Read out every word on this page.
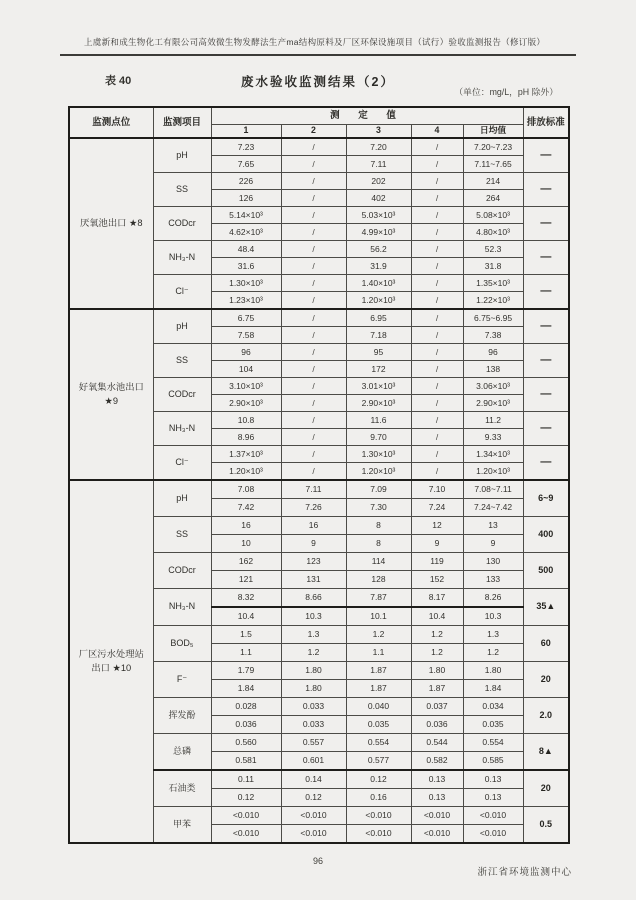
上虞新和成生物化工有限公司高效微生物发酵法生产ma结构原料及厂区环保设施项目（试行）验收监测报告（修订版）
表 40	废水验收监测结果（2）
（单位：mg/L，pH 除外）
监测点位	监测项目	测 定 值					排放标准
		1	2	3	4	日均值	
厌氧池出口 ★8	pH	7.23	/	7.20	/	7.20~7.23	—
		7.65	/	7.11	/	7.11~7.65	
	SS	226	/	202	/	214	—
		126	/	402	/	264	
	CODcr	5.14×10³	/	5.03×10³	/	5.08×10³	—
		4.62×10³	/	4.99×10³	/	4.80×10³	
	NH₃-N	48.4	/	56.2	/	52.3	—
		31.6	/	31.9	/	31.8	
	Cl⁻	1.30×10³	/	1.40×10³	/	1.35×10³	—
		1.23×10³	/	1.20×10³	/	1.22×10³	
好氧集水池出口 ★9	pH	6.75	/	6.95	/	6.75~6.95	—
		7.58	/	7.18	/	7.38	
	SS	96	/	95	/	96	—
		104	/	172	/	138	
	CODcr	3.10×10³	/	3.01×10³	/	3.06×10³	—
		2.90×10³	/	2.90×10³	/	2.90×10³	
	NH₃-N	10.8	/	11.6	/	11.2	—
		8.96	/	9.70	/	9.33	
	Cl⁻	1.37×10³	/	1.30×10³	/	1.34×10³	—
		1.20×10³	/	1.20×10³	/	1.20×10³	
厂区污水处理站出口 ★10	pH	7.08	7.11	7.09	7.10	7.08~7.11	6~9
		7.42	7.26	7.30	7.24	7.24~7.42	
	SS	16	16	8	12	13	400
		10	9	8	9	9	
	CODcr	162	123	114	119	130	500
		121	131	128	152	133	
	NH₃-N	8.32	8.66	7.87	8.17	8.26	35▲
		10.4	10.3	10.1	10.4	10.3	
	BOD₅	1.5	1.3	1.2	1.2	1.3	60
		1.1	1.2	1.1	1.2	1.2	
	F⁻	1.79	1.80	1.87	1.80	1.80	20
		1.84	1.80	1.87	1.87	1.84	
	挥发酚	0.028	0.033	0.040	0.037	0.034	2.0
		0.036	0.033	0.035	0.036	0.035	
	总磷	0.560	0.557	0.554	0.544	0.554	8▲
		0.581	0.601	0.577	0.582	0.585	
	石油类	0.11	0.14	0.12	0.13	0.13	20
		0.12	0.12	0.16	0.13	0.13	
	甲苯	<0.010	<0.010	<0.010	<0.010	<0.010	0.5
		<0.010	<0.010	<0.010	<0.010	<0.010	
96
浙江省环境监测中心
